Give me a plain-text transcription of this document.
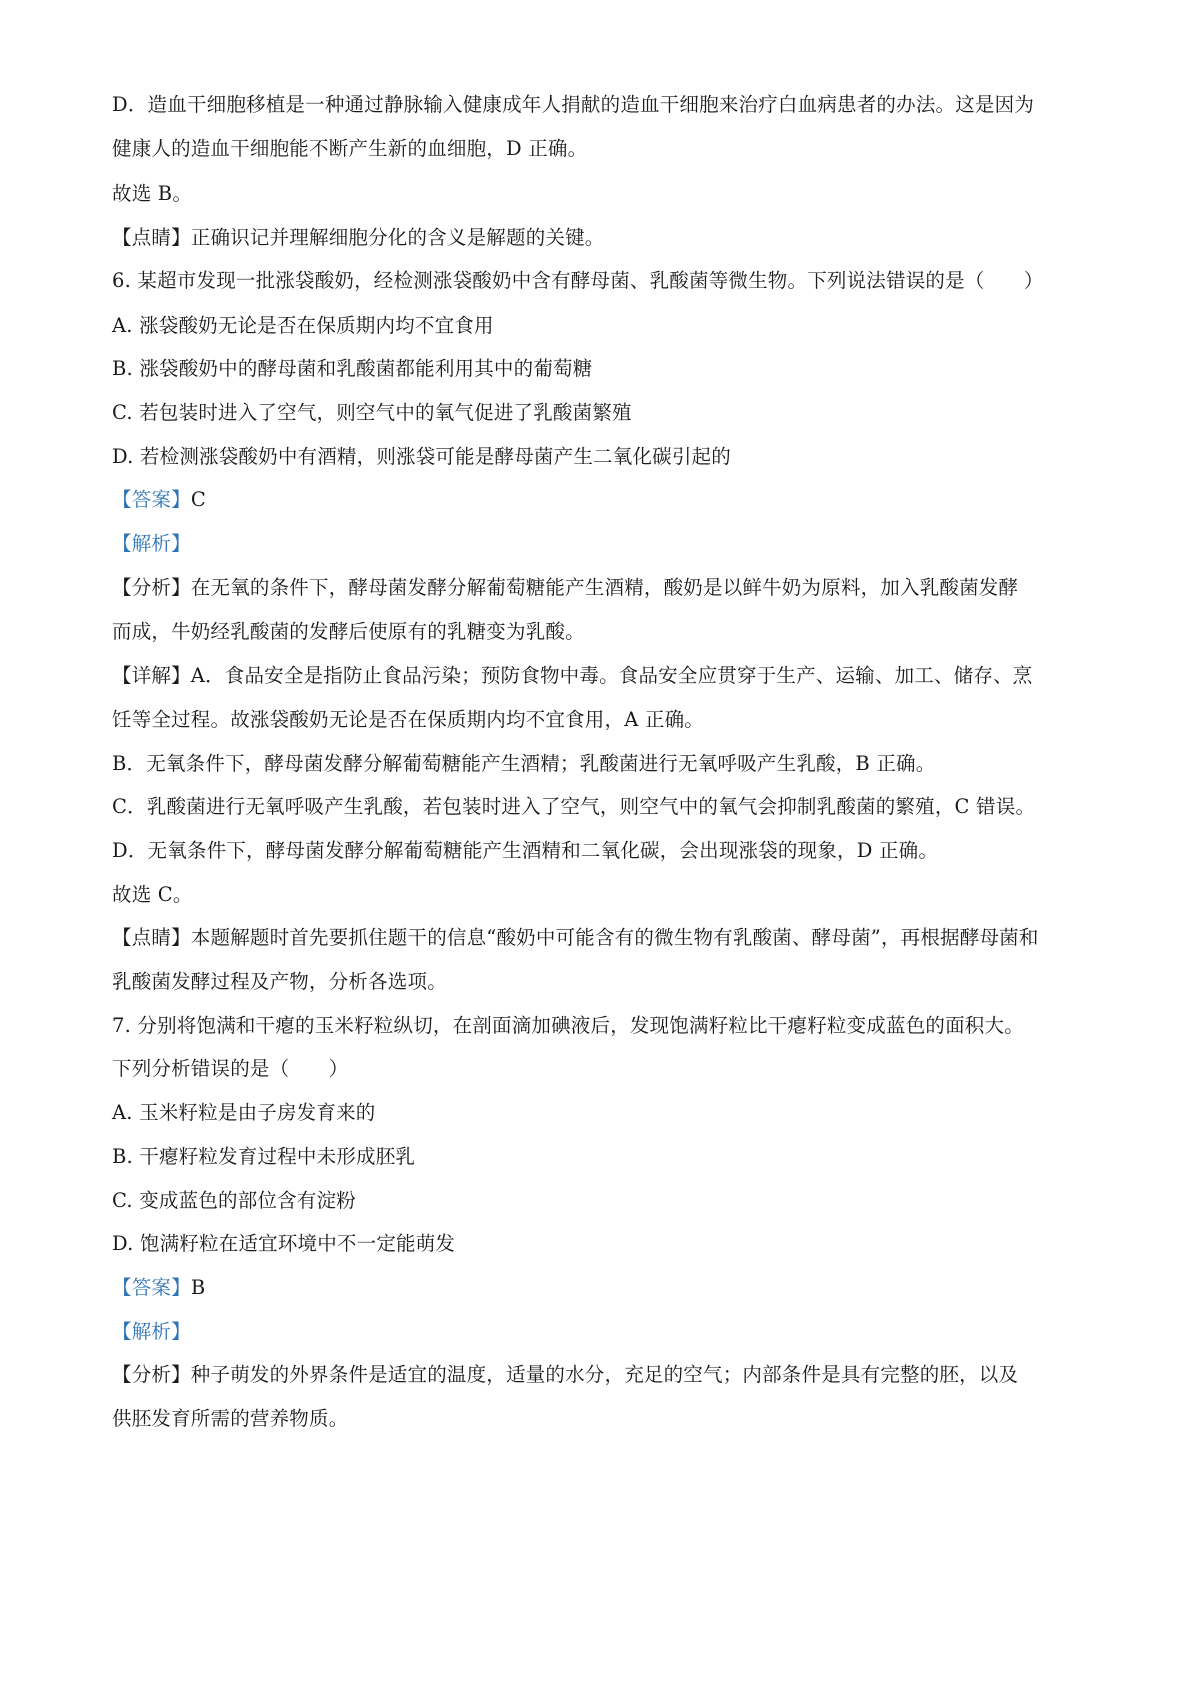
D．造血干细胞移植是一种通过静脉输入健康成年人捐献的造血干细胞来治疗白血病患者的办法。这是因为
健康人的造血干细胞能不断产生新的血细胞，D 正确。
故选 B。
【点睛】正确识记并理解细胞分化的含义是解题的关键。
6. 某超市发现一批涨袋酸奶，经检测涨袋酸奶中含有酵母菌、乳酸菌等微生物。下列说法错误的是（　　）
A. 涨袋酸奶无论是否在保质期内均不宜食用
B. 涨袋酸奶中的酵母菌和乳酸菌都能利用其中的葡萄糖
C. 若包装时进入了空气，则空气中的氧气促进了乳酸菌繁殖
D. 若检测涨袋酸奶中有酒精，则涨袋可能是酵母菌产生二氧化碳引起的
【答案】C
【解析】
【分析】在无氧的条件下，酵母菌发酵分解葡萄糖能产生酒精，酸奶是以鲜牛奶为原料，加入乳酸菌发酵
而成，牛奶经乳酸菌的发酵后使原有的乳糖变为乳酸。
【详解】A．食品安全是指防止食品污染；预防食物中毒。食品安全应贯穿于生产、运输、加工、储存、烹
饪等全过程。故涨袋酸奶无论是否在保质期内均不宜食用，A 正确。
B．无氧条件下，酵母菌发酵分解葡萄糖能产生酒精；乳酸菌进行无氧呼吸产生乳酸，B 正确。
C．乳酸菌进行无氧呼吸产生乳酸，若包装时进入了空气，则空气中的氧气会抑制乳酸菌的繁殖，C 错误。
D．无氧条件下，酵母菌发酵分解葡萄糖能产生酒精和二氧化碳，会出现涨袋的现象，D 正确。
故选 C。
【点睛】本题解题时首先要抓住题干的信息“酸奶中可能含有的微生物有乳酸菌、酵母菌”，再根据酵母菌和
乳酸菌发酵过程及产物，分析各选项。
7. 分别将饱满和干瘪的玉米籽粒纵切，在剖面滴加碘液后，发现饱满籽粒比干瘪籽粒变成蓝色的面积大。
下列分析错误的是（　　）
A. 玉米籽粒是由子房发育来的
B. 干瘪籽粒发育过程中未形成胚乳
C. 变成蓝色的部位含有淀粉
D. 饱满籽粒在适宜环境中不一定能萌发
【答案】B
【解析】
【分析】种子萌发的外界条件是适宜的温度，适量的水分，充足的空气；内部条件是具有完整的胚，以及
供胚发育所需的营养物质。
